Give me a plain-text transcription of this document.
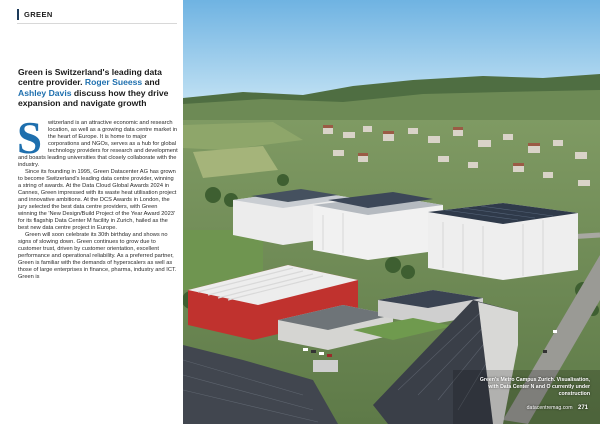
GREEN
Green is Switzerland's leading data centre provider. Roger Sueess and Ashley Davis discuss how they drive expansion and navigate growth

S witzerland is an attractive economic and research location, as well as a growing data centre market in the heart of Europe. It is home to major corporations and NGOs, serves as a hub for global technology providers for research and development and boasts leading universities that closely collaborate with the industry.

Since its founding in 1995, Green Datacenter AG has grown to become Switzerland's leading data centre provider, winning a string of awards. At the Data Cloud Global Awards 2024 in Cannes, Green impressed with its waste heat utilisation project and innovative ambitions. At the DCS Awards in London, the jury selected the best data centre providers, with Green winning the 'New Design/Build Project of the Year Award 2023' for its flagship Data Center M facility in Zurich, hailed as the best new data centre project in Europe.

Green will soon celebrate its 30th birthday and shows no signs of slowing down. Green continues to grow due to customer trust, driven by customer orientation, excellent performance and operational reliability. As a preferred partner, Green is familiar with the demands of hyperscalers as well as those of large enterprises in finance, pharma, industry and ICT. Green is

Green's Metro Campus Zurich. Visualisation, with Data Center N and O currently under construction
datacentremag.com 271
